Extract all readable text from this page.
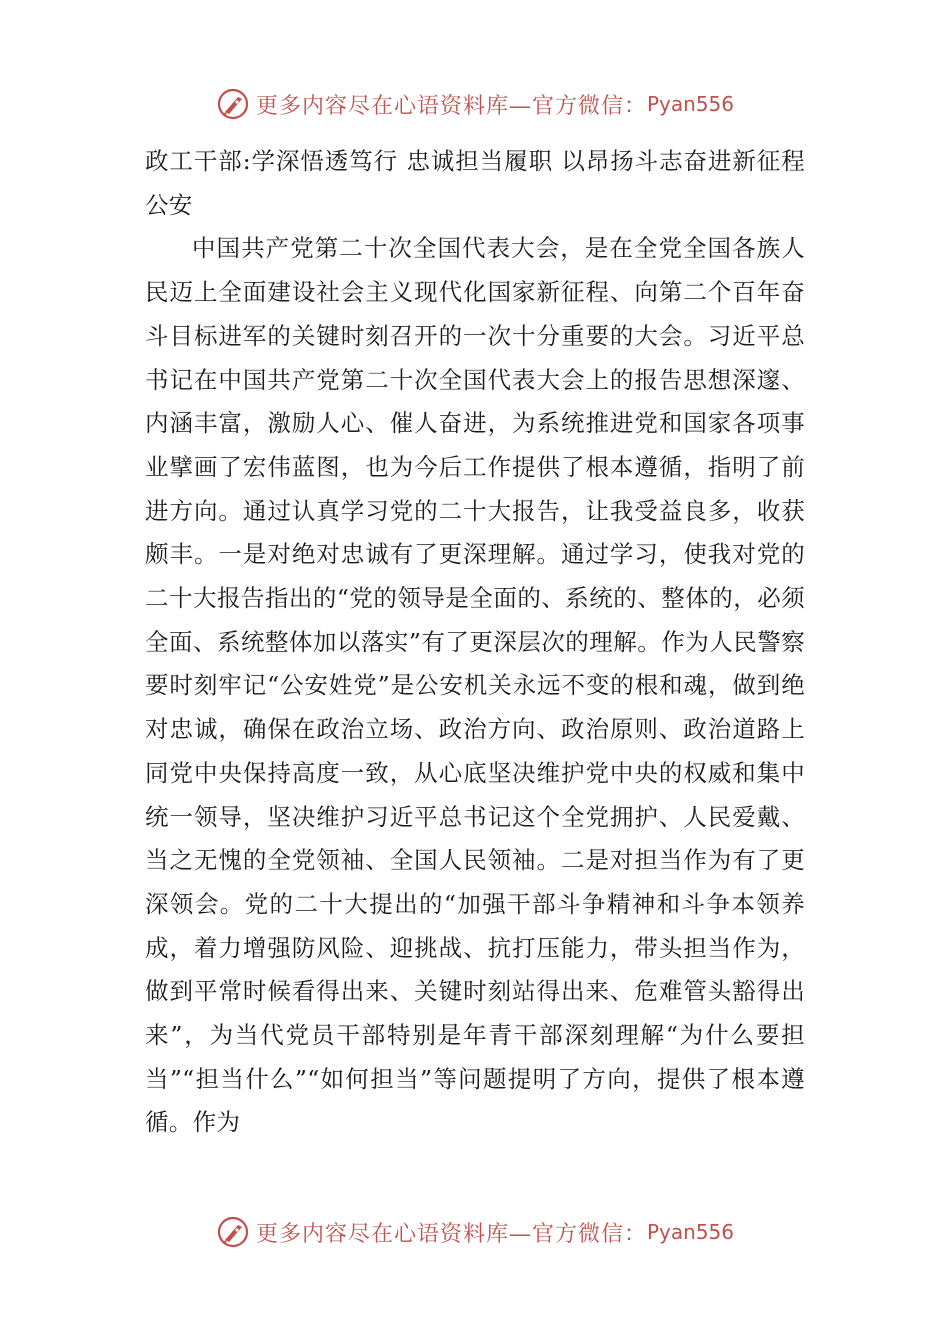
更多内容尽在心语资料库—官方微信： Pyan556
政工干部:学深悟透笃行 忠诚担当履职 以昂扬斗志奋进新征程公安

中国共产党第二十次全国代表大会，是在全党全国各族人民迈上全面建设社会主义现代化国家新征程、向第二个百年奋斗目标进军的关键时刻召开的一次十分重要的大会。习近平总书记在中国共产党第二十次全国代表大会上的报告思想深邃、内涵丰富，激励人心、催人奋进，为系统推进党和国家各项事业擘画了宏伟蓝图，也为今后工作提供了根本遵循，指明了前进方向。通过认真学习党的二十大报告，让我受益良多，收获颇丰。一是对绝对忠诚有了更深理解。通过学习，使我对党的二十大报告指出的“党的领导是全面的、系统的、整体的，必须全面、系统整体加以落实”有了更深层次的理解。作为人民警察要时刻牢记“公安姓党”是公安机关永远不变的根和魂，做到绝对忠诚，确保在政治立场、政治方向、政治原则、政治道路上同党中央保持高度一致，从心底坚决维护党中央的权威和集中统一领导，坚决维护习近平总书记这个全党拥护、人民爱戴、当之无愧的全党领袖、全国人民领袖。二是对担当作为有了更深领会。党的二十大提出的“加强干部斗争精神和斗争本领养成，着力增强防风险、迎挑战、抗打压能力，带头担当作为，做到平常时候看得出来、关键时刻站得出来、危难管头豁得出来”，为当代党员干部特别是年青干部深刻理解“为什么要担当”“担当什么”“如何担当”等问题提明了方向，提供了根本遵循。作为

更多内容尽在心语资料库—官方微信： Pyan556
